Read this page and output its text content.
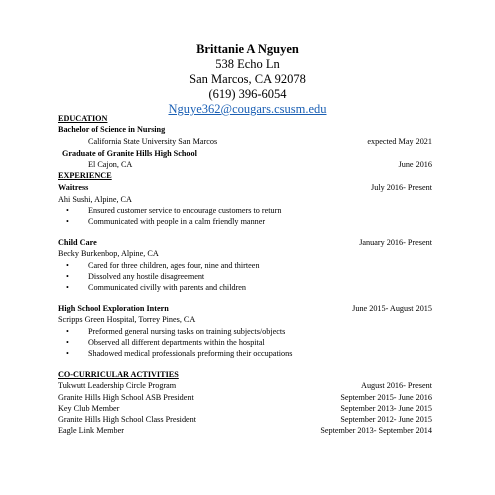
Brittanie A Nguyen
538 Echo Ln
San Marcos, CA 92078
(619) 396-6054
Nguye362@cougars.csusm.edu
EDUCATION
Bachelor of Science in Nursing
California State University San Marcos	expected May 2021
Graduate of Granite Hills High School
El Cajon, CA	June 2016
EXPERIENCE
Waitress	July 2016- Present
Ahi Sushi, Alpine, CA
• Ensured customer service to encourage customers to return
• Communicated with people in a calm friendly manner
Child Care	January 2016- Present
Becky Burkenbop, Alpine, CA
• Cared for three children, ages four, nine and thirteen
• Dissolved any hostile disagreement
• Communicated civilly with parents and children
High School Exploration Intern	June 2015- August 2015
Scripps Green Hospital, Torrey Pines, CA
• Preformed general nursing tasks on training subjects/objects
• Observed all different departments within the hospital
• Shadowed medical professionals preforming their occupations
CO-CURRICULAR ACTIVITIES
Tukwutt Leadership Circle Program	August 2016- Present
Granite Hills High School ASB President	September 2015- June 2016
Key Club Member	September 2013- June 2015
Granite Hills High School Class President	September 2012- June 2015
Eagle Link Member	September 2013- September 2014
